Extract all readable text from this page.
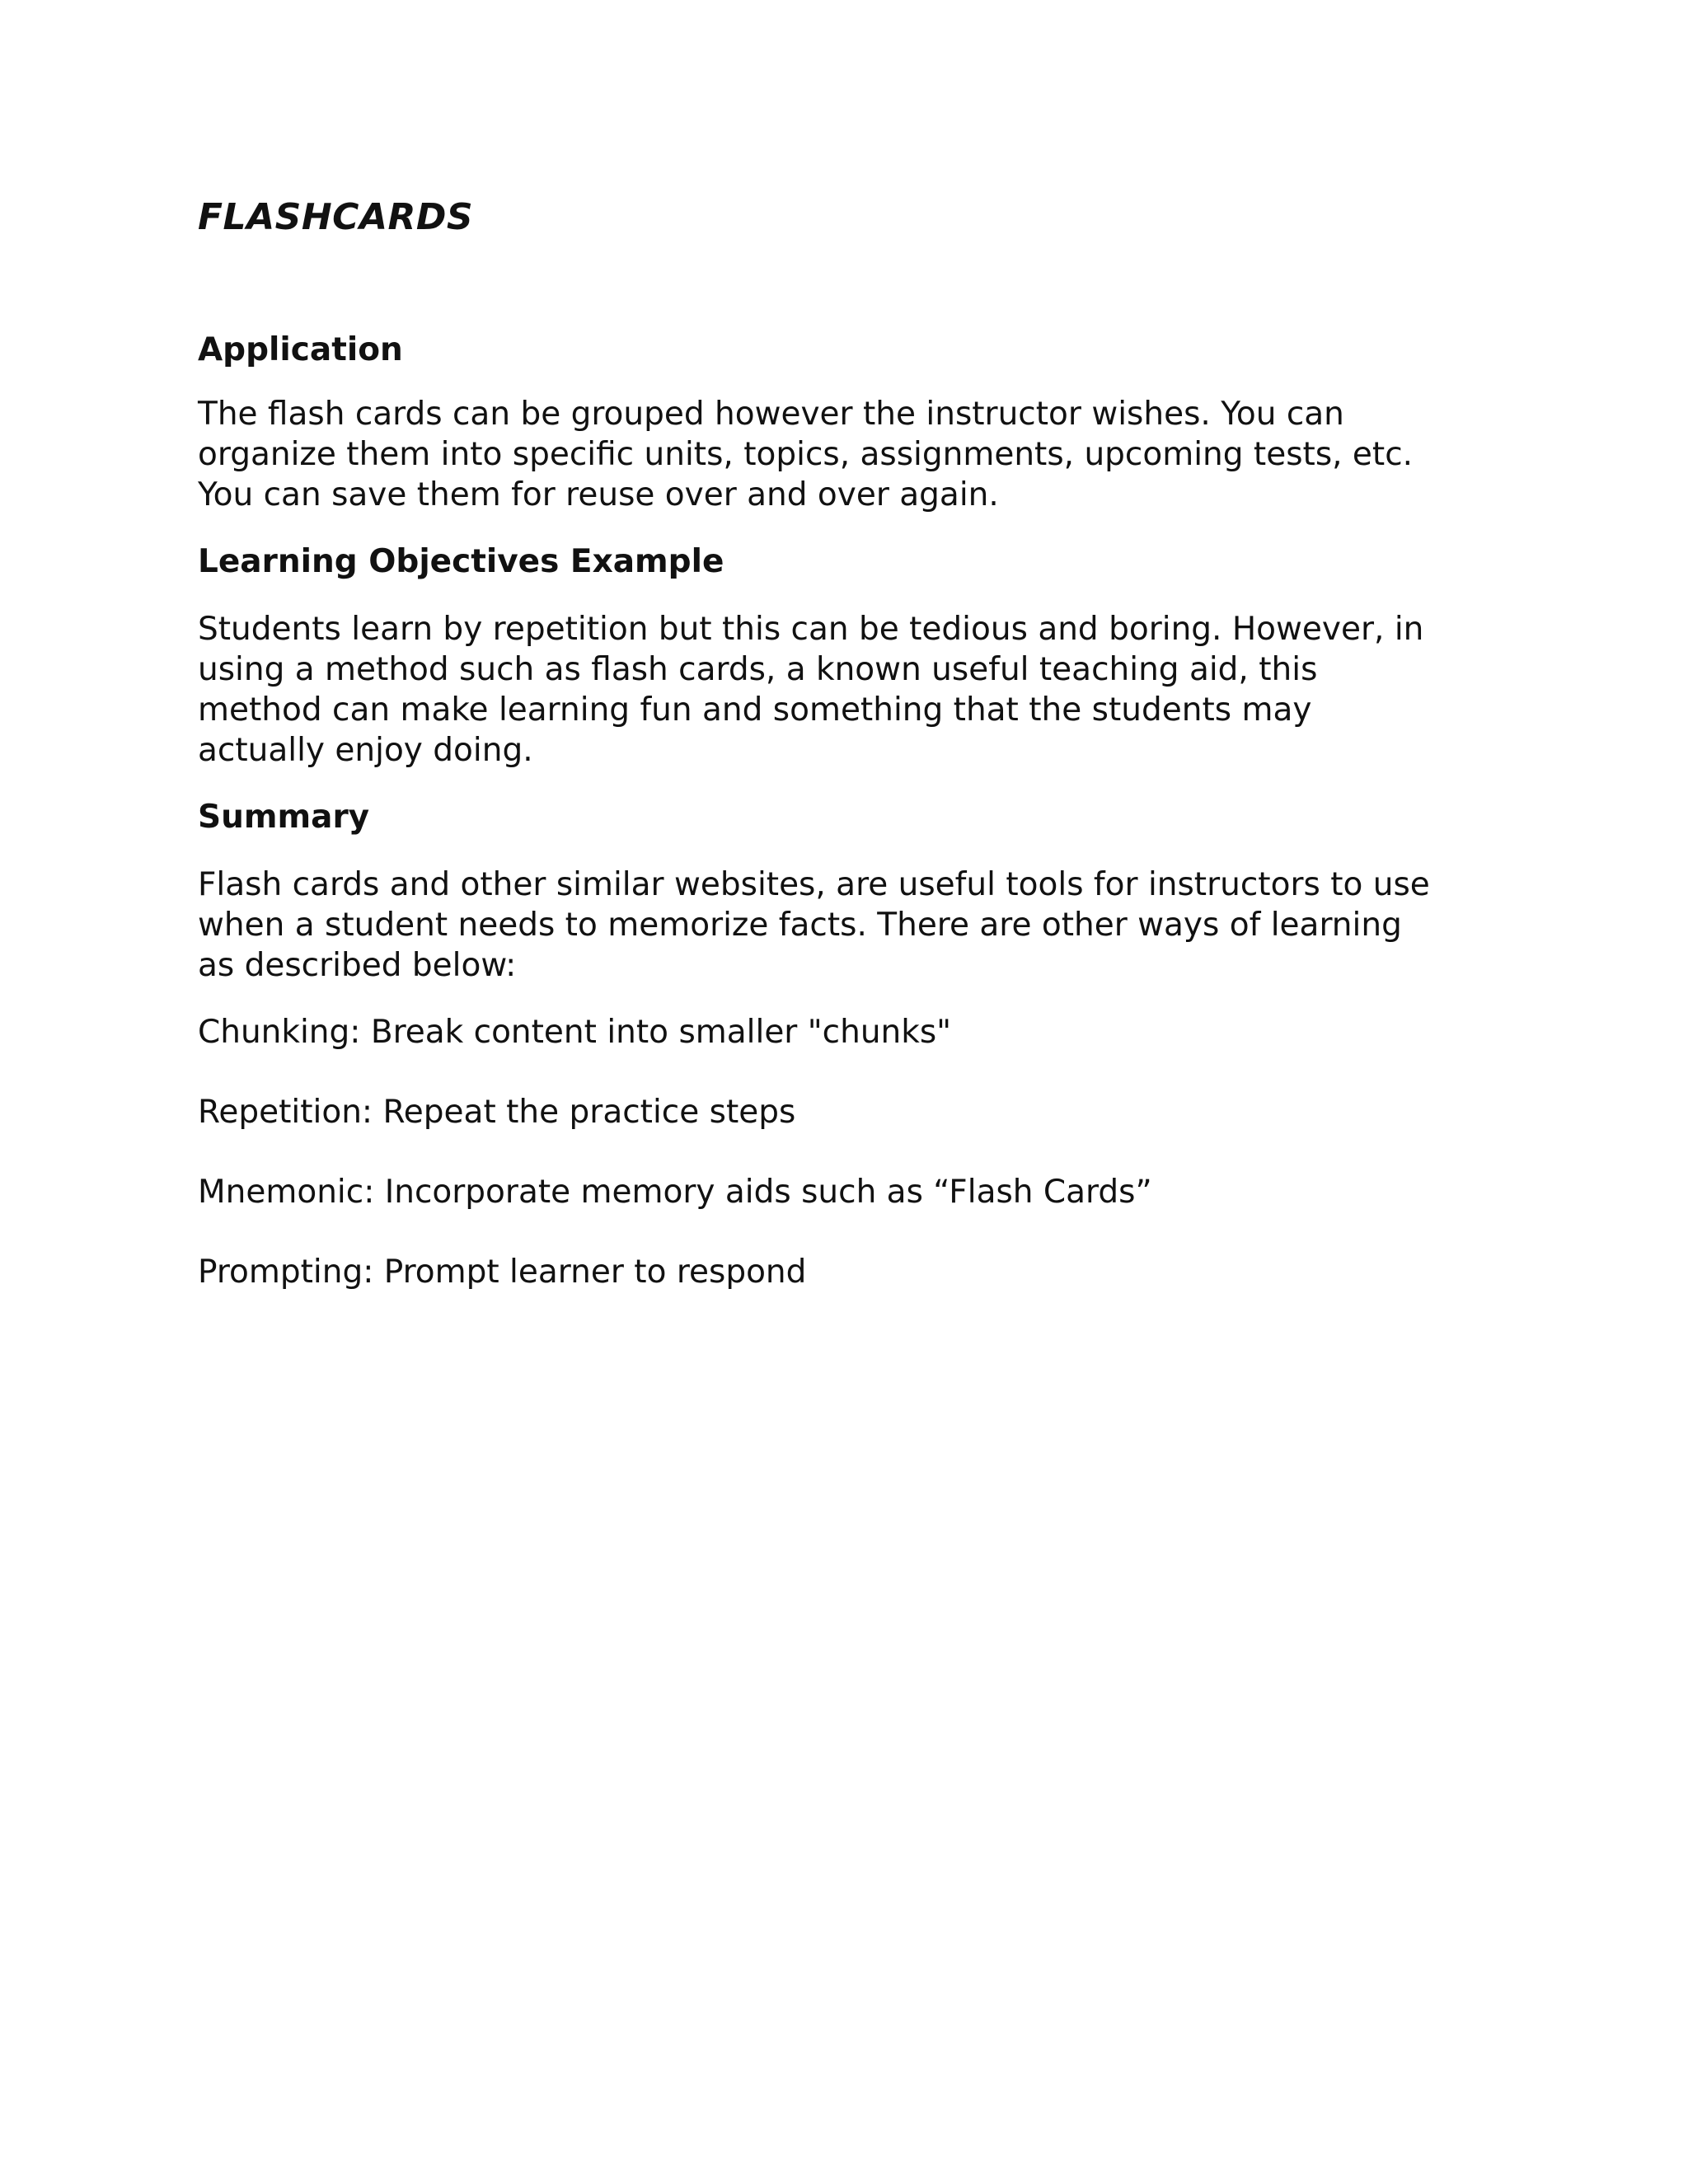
FLASHCARDS
Application

The flash cards can be grouped however the instructor wishes. You can
organize them into specific units, topics, assignments, upcoming tests, etc.
You can save them for reuse over and over again.

Learning Objectives Example

Students learn by repetition but this can be tedious and boring. However, in
using a method such as flash cards, a known useful teaching aid, this
method can make learning fun and something that the students may
actually enjoy doing.

Summary

Flash cards and other similar websites, are useful tools for instructors to use
when a student needs to memorize facts. There are other ways of learning
as described below:

Chunking: Break content into smaller "chunks"

Repetition: Repeat the practice steps

Mnemonic: Incorporate memory aids such as “Flash Cards”

Prompting: Prompt learner to respond
